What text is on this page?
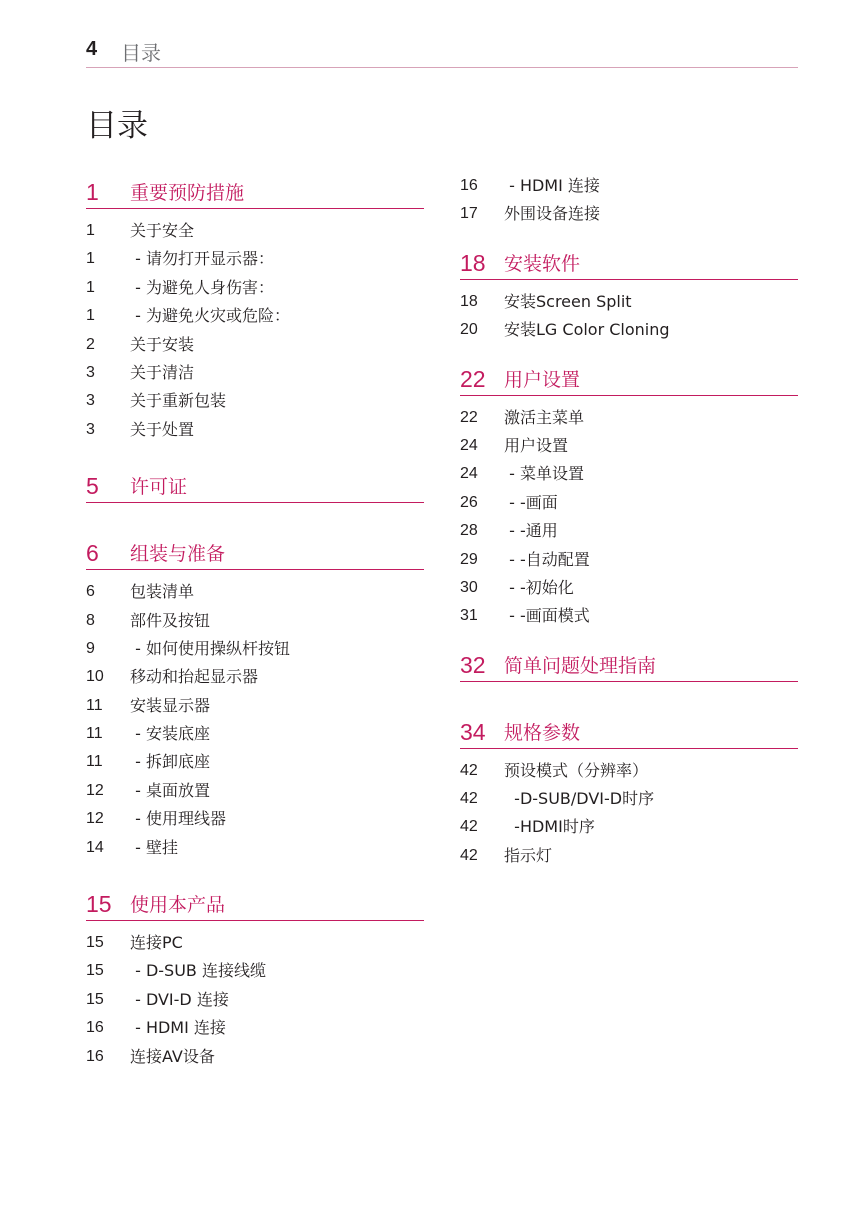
4 目录
目录
1 重要预防措施
1 关于安全
1 - 请勿打开显示器：
1 - 为避免人身伤害：
1 - 为避免火灾或危险：
2 关于安装
3 关于清洁
3 关于重新包装
3 关于处置
5 许可证
6 组装与准备
6 包装清单
8 部件及按钮
9 - 如何使用操纵杆按钮
10 移动和抬起显示器
11 安装显示器
11 - 安装底座
11 - 拆卸底座
12 - 桌面放置
12 - 使用理线器
14 - 壁挂
15 使用本产品
15 连接PC
15 - D-SUB 连接线缆
15 - DVI-D 连接
16 - HDMI 连接
16 连接AV设备
16 - HDMI 连接
17 外围设备连接
18 安装软件
18 安装Screen Split
20 安装LG Color Cloning
22 用户设置
22 激活主菜单
24 用户设置
24 - 菜单设置
26 - -画面
28 - -通用
29 - -自动配置
30 - -初始化
31 - -画面模式
32 简单问题处理指南
34 规格参数
42 预设模式（分辨率）
42 -D-SUB/DVI-D时序
42 -HDMI时序
42 指示灯
